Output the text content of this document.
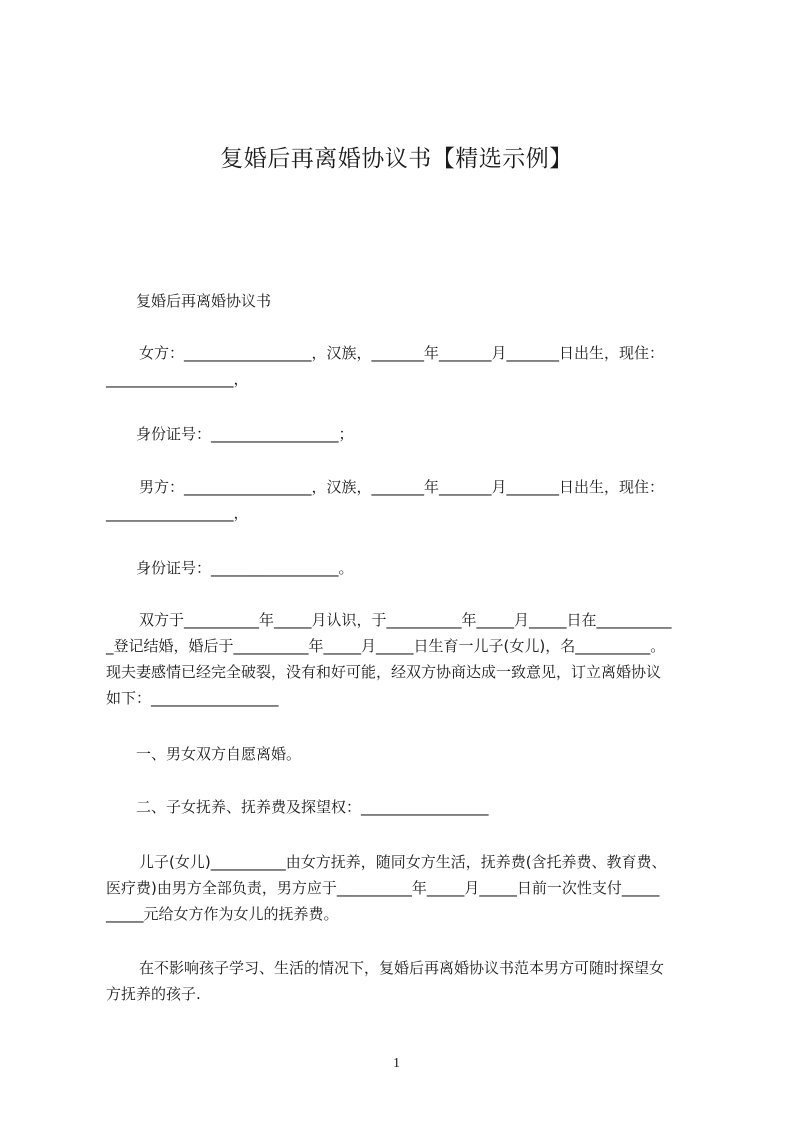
复婚后再离婚协议书【精选示例】
复婚后再离婚协议书
女方：_________________，汉族，_______年_______月_______日出生，现住：
_________________，
身份证号：_________________；
男方：_________________，汉族，_______年_______月_______日出生，现住：
_________________，
身份证号：_________________。
双方于__________年_____月认识，于__________年_____月_____日在__________
_登记结婚，婚后于__________年_____月_____日生育一儿子(女儿)，名__________。
现夫妻感情已经完全破裂，没有和好可能，经双方协商达成一致意见，订立离婚协议
如下：_________________
一、男女双方自愿离婚。
二、子女抚养、抚养费及探望权：_________________
儿子(女儿)__________由女方抚养，随同女方生活，抚养费(含托养费、教育费、
医疗费)由男方全部负责，男方应于__________年_____月_____日前一次性支付_____
_____元给女方作为女儿的抚养费。
在不影响孩子学习、生活的情况下，复婚后再离婚协议书范本男方可随时探望女
方抚养的孩子.
1
